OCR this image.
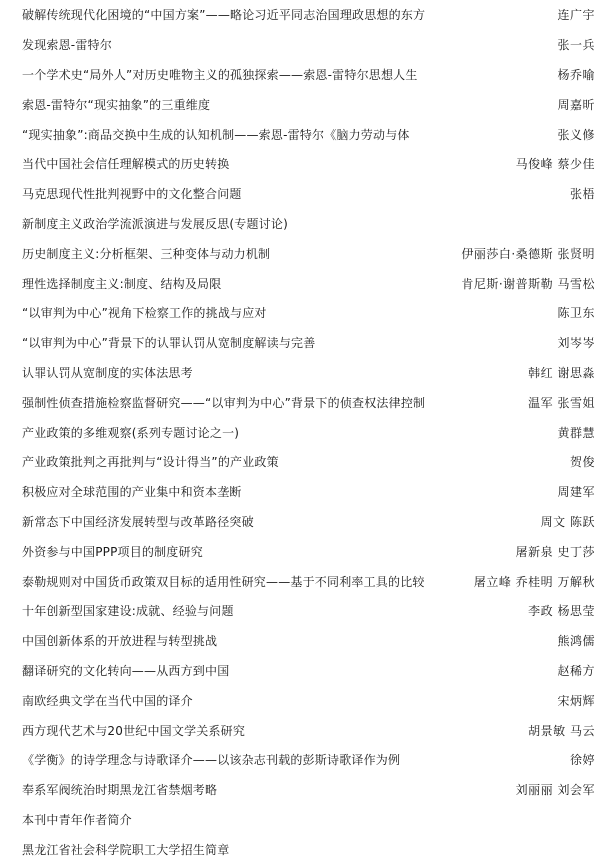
破解传统现代化困境的“中国方案”——略论习近平同志治国理政思想的东方	连广宇
发现索恩-雷特尔	张一兵
一个学术史“局外人”对历史唯物主义的孤独探索——索恩-雷特尔思想人生	杨乔喻
索恩-雷特尔“现实抽象”的三重维度	周嘉昕
“现实抽象”:商品交换中生成的认知机制——索恩-雷特尔《脑力劳动与体	张义修
当代中国社会信任理解模式的历史转换	马俊峰 蔡少佳
马克思现代性批判视野中的文化整合问题	张梧
新制度主义政治学流派演进与发展反思(专题讨论)
历史制度主义:分析框架、三种变体与动力机制	伊丽莎白·桑德斯 张贤明
理性选择制度主义:制度、结构及局限	肯尼斯·谢普斯勒 马雪松
“以审判为中心”视角下检察工作的挑战与应对	陈卫东
“以审判为中心”背景下的认罪认罚从宽制度解读与完善	刘岑岑
认罪认罚从宽制度的实体法思考	韩红 谢思淼
强制性侦查措施检察监督研究——“以审判为中心”背景下的侦查权法律控制	温军 张雪姐
产业政策的多维观察(系列专题讨论之一)	黄群慧
产业政策批判之再批判与“设计得当”的产业政策	贺俊
积极应对全球范围的产业集中和资本垄断	周建军
新常态下中国经济发展转型与改革路径突破	周文 陈跃
外资参与中国PPP项目的制度研究	屠新泉 史丁莎
泰勒规则对中国货币政策双目标的适用性研究——基于不同利率工具的比较	屠立峰 乔桂明 万解秋
十年创新型国家建设:成就、经验与问题	李政 杨思莹
中国创新体系的开放进程与转型挑战	熊鸿儒
翻译研究的文化转向——从西方到中国	赵稀方
南欧经典文学在当代中国的译介	宋炳辉
西方现代艺术与20世纪中国文学关系研究	胡景敏 马云
《学衡》的诗学理念与诗歌译介——以该杂志刊载的彭斯诗歌译作为例	徐婷
奉系军阀统治时期黑龙江省禁烟考略	刘丽丽 刘会军
本刊中青年作者简介
黑龙江省社会科学院职工大学招生简章
